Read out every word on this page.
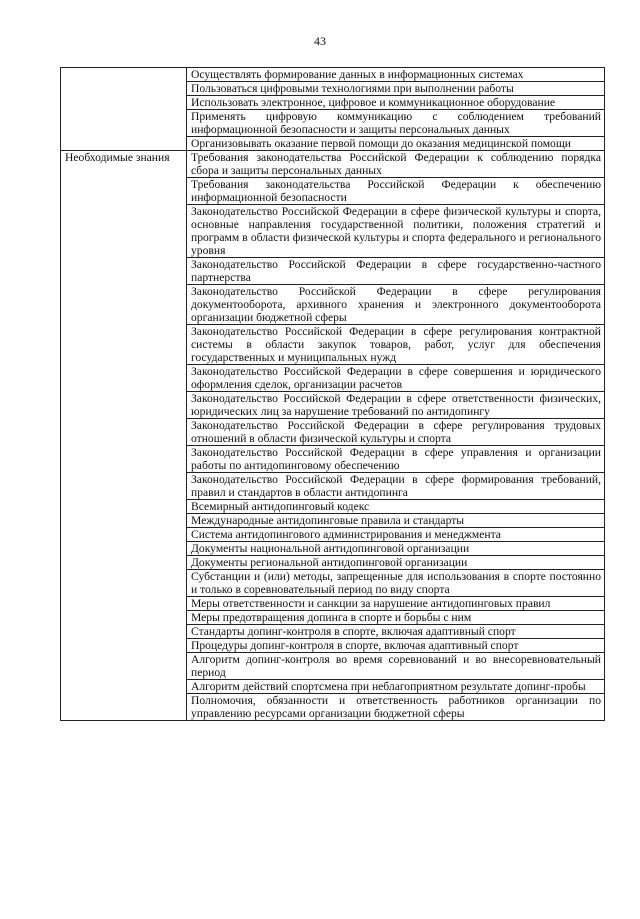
43

	Осуществлять формирование данных в информационных системах

	Пользоваться цифровыми технологиями при выполнении работы

	Использовать электронное, цифровое и коммуникационное оборудование

	Применять цифровую коммуникацию с соблюдением требований информационной безопасности и защиты персональных данных

	Организовывать оказание первой помощи до оказания медицинской помощи

Необходимые знания	Требования законодательства Российской Федерации к соблюдению порядка сбора и защиты персональных данных

	Требования законодательства Российской Федерации к обеспечению информационной безопасности

	Законодательство Российской Федерации в сфере физической культуры и спорта, основные направления государственной политики, положения стратегий и программ в области физической культуры и спорта федерального и регионального уровня

	Законодательство Российской Федерации в сфере государственно-частного партнерства

	Законодательство Российской Федерации в сфере регулирования документооборота, архивного хранения и электронного документооборота организации бюджетной сферы

	Законодательство Российской Федерации в сфере регулирования контрактной системы в области закупок товаров, работ, услуг для обеспечения государственных и муниципальных нужд

	Законодательство Российской Федерации в сфере совершения и юридического оформления сделок, организации расчетов

	Законодательство Российской Федерации в сфере ответственности физических, юридических лиц за нарушение требований по антидопингу

	Законодательство Российской Федерации в сфере регулирования трудовых отношений в области физической культуры и спорта

	Законодательство Российской Федерации в сфере управления и организации работы по антидопинговому обеспечению

	Законодательство Российской Федерации в сфере формирования требований, правил и стандартов в области антидопинга

	Всемирный антидопинговый кодекс

	Международные антидопинговые правила и стандарты

	Система антидопингового администрирования и менеджмента

	Документы национальной антидопинговой организации

	Документы региональной антидопинговой организации

	Субстанции и (или) методы, запрещенные для использования в спорте постоянно и только в соревновательный период по виду спорта

	Меры ответственности и санкции за нарушение антидопинговых правил

	Меры предотвращения допинга в спорте и борьбы с ним

	Стандарты допинг-контроля в спорте, включая адаптивный спорт

	Процедуры допинг-контроля в спорте, включая адаптивный спорт

	Алгоритм допинг-контроля во время соревнований и во внесоревновательный период

	Алгоритм действий спортсмена при неблагоприятном результате допинг-пробы

	Полномочия, обязанности и ответственность работников организации по управлению ресурсами организации бюджетной сферы
